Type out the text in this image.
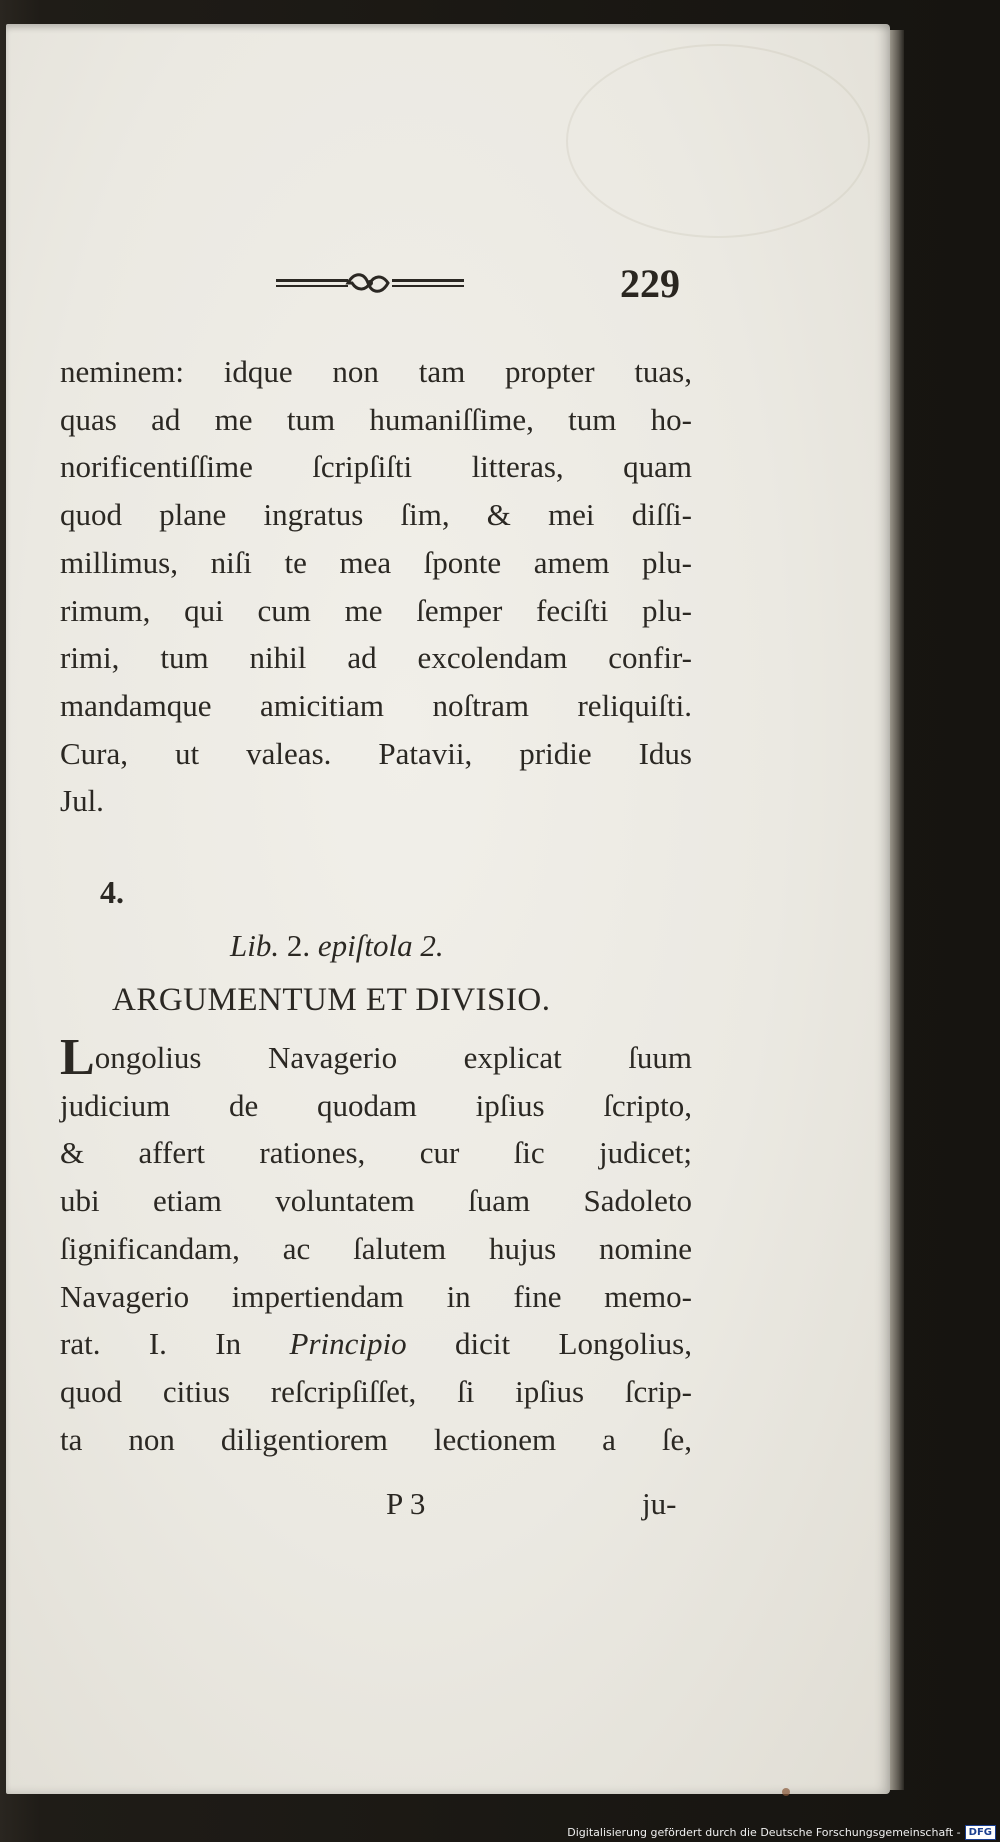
229
neminem: idque non tam propter tuas,
quas ad me tum humaniſſime, tum ho-
norificentiſſime ſcripſiſti litteras, quam
quod plane ingratus ſim, & mei diſſi-
millimus, niſi te mea ſponte amem plu-
rimum, qui cum me ſemper feciſti plu-
rimi, tum nihil ad excolendam confir-
mandamque amicitiam noſtram reliquiſti.
Cura, ut valeas. Patavii, pridie Idus
Jul.
4.
Lib. 2. epiſtola 2.
ARGUMENTUM ET DIVISIO.
Longolius Navagerio explicat ſuum
judicium de quodam ipſius ſcripto,
& affert rationes, cur ſic judicet;
ubi etiam voluntatem ſuam Sadoleto
ſignificandam, ac ſalutem hujus nomine
Navagerio impertiendam in fine memo-
rat. I. In Principio dicit Longolius,
quod citius reſcripſiſſet, ſi ipſius ſcrip-
ta non diligentiorem lectionem a ſe,
P 3	ju-
Digitalisierung gefördert durch die Deutsche Forschungsgemeinschaft - DFG
